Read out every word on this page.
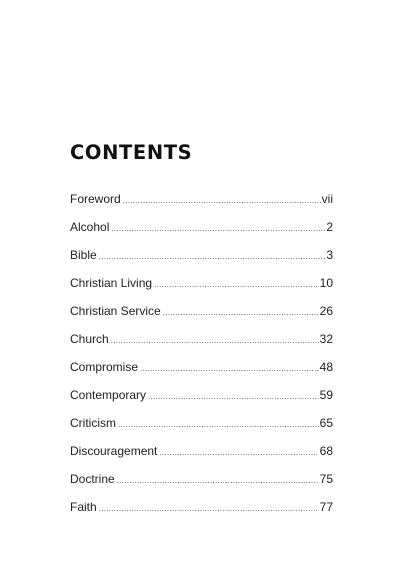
CONTENTS
Foreword .....	vii
Alcohol .....	2
Bible .....	3
Christian Living .....	10
Christian Service .....	26
Church .....	32
Compromise .....	48
Contemporary .....	59
Criticism .....	65
Discouragement .....	68
Doctrine .....	75
Faith .....	77
